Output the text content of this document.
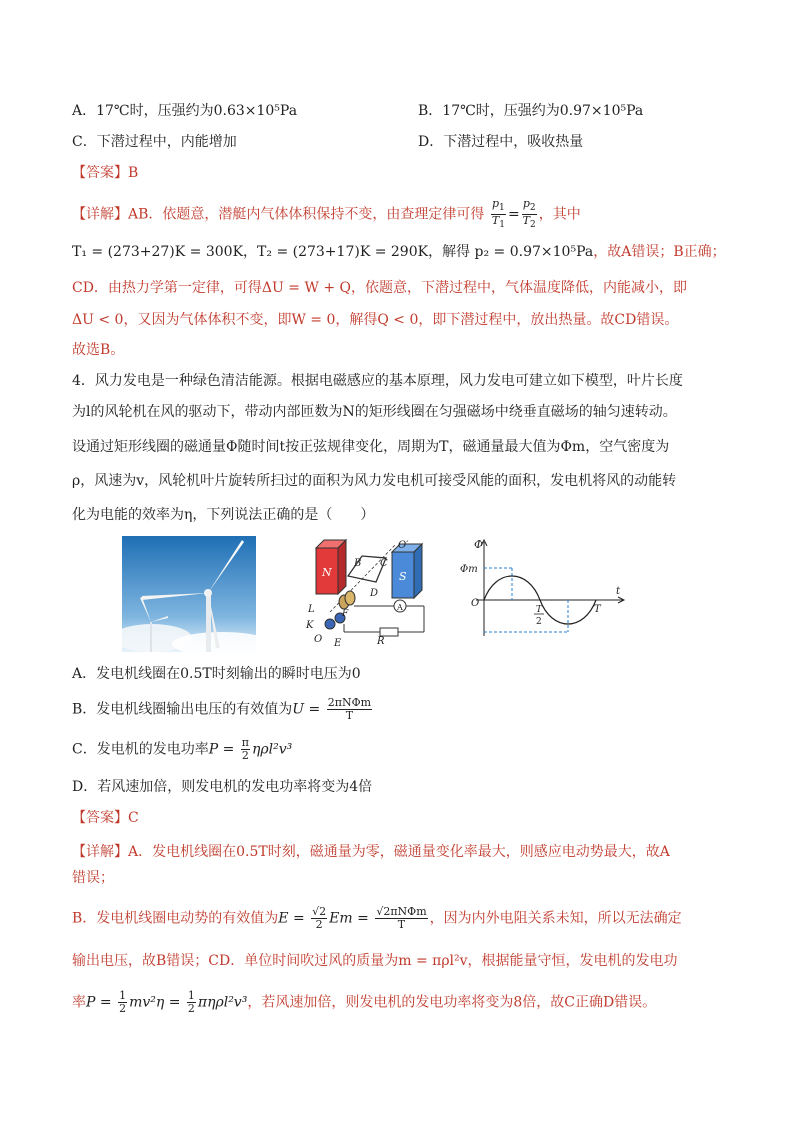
A．17℃时，压强约为0.63×10⁵Pa	B．17℃时，压强约为0.97×10⁵Pa
C．下潜过程中，内能增加	D．下潜过程中，吸收热量
【答案】B
【详解】AB．依题意，潜艇内气体体积保持不变，由查理定律可得 $\frac{p_1}{T_1} = \frac{p_2}{T_2}$ ，其中
T₁ = (273+27)K = 300K，T₂ = (273+17)K = 290K，解得 p₂ = 0.97×10⁵Pa，故A错误；B正确；
CD．由热力学第一定律，可得ΔU = W + Q，依题意，下潜过程中，气体温度降低，内能减小，即
ΔU < 0，又因为气体体积不变，即W = 0，解得Q < 0，即下潜过程中，放出热量。故CD错误。
故选B。
4．风力发电是一种绿色清洁能源。根据电磁感应的基本原理，风力发电可建立如下模型，叶片长度
为l的风轮机在风的驱动下，带动内部匝数为N的矩形线圈在匀强磁场中绕垂直磁场的轴匀速转动。
设通过矩形线圈的磁通量Φ随时间t按正弦规律变化，周期为T，磁通量最大值为Φm，空气密度为
ρ，风速为v，风轮机叶片旋转所扫过的面积为风力发电机可接受风能的面积，发电机将风的动能转
化为电能的效率为η，下列说法正确的是（　　）
N	S
B C
D
O′
L
K
O E
F
A
R
Φ
Φm
O
t
T
2
T
A．发电机线圈在0.5T时刻输出的瞬时电压为0
B．发电机线圈输出电压的有效值为$U = \frac{\text{2πNΦm}}{T}$
C．发电机的发电功率$P = \frac{\pi}{2} \eta\rho l^2v^3$
D．若风速加倍，则发电机的发电功率将变为4倍
【答案】C
【详解】A．发电机线圈在0.5T时刻，磁通量为零，磁通量变化率最大，则感应电动势最大，故A
错误；
B．发电机线圈电动势的有效值为$E = \frac{√2}{2}$ $Em = \frac{\text{√2πNΦm}}{T}$ ，因为内外电阻关系未知，所以无法确定
输出电压，故B错误；CD．单位时间吹过风的质量为m = πρl²v，根据能量守恒，发电机的发电功
率$P = \frac{1}{2} mv^2\eta = \frac{1}{2} \pi\eta\rho l^2v^3$，若风速加倍，则发电机的发电功率将变为8倍，故C正确D错误。
